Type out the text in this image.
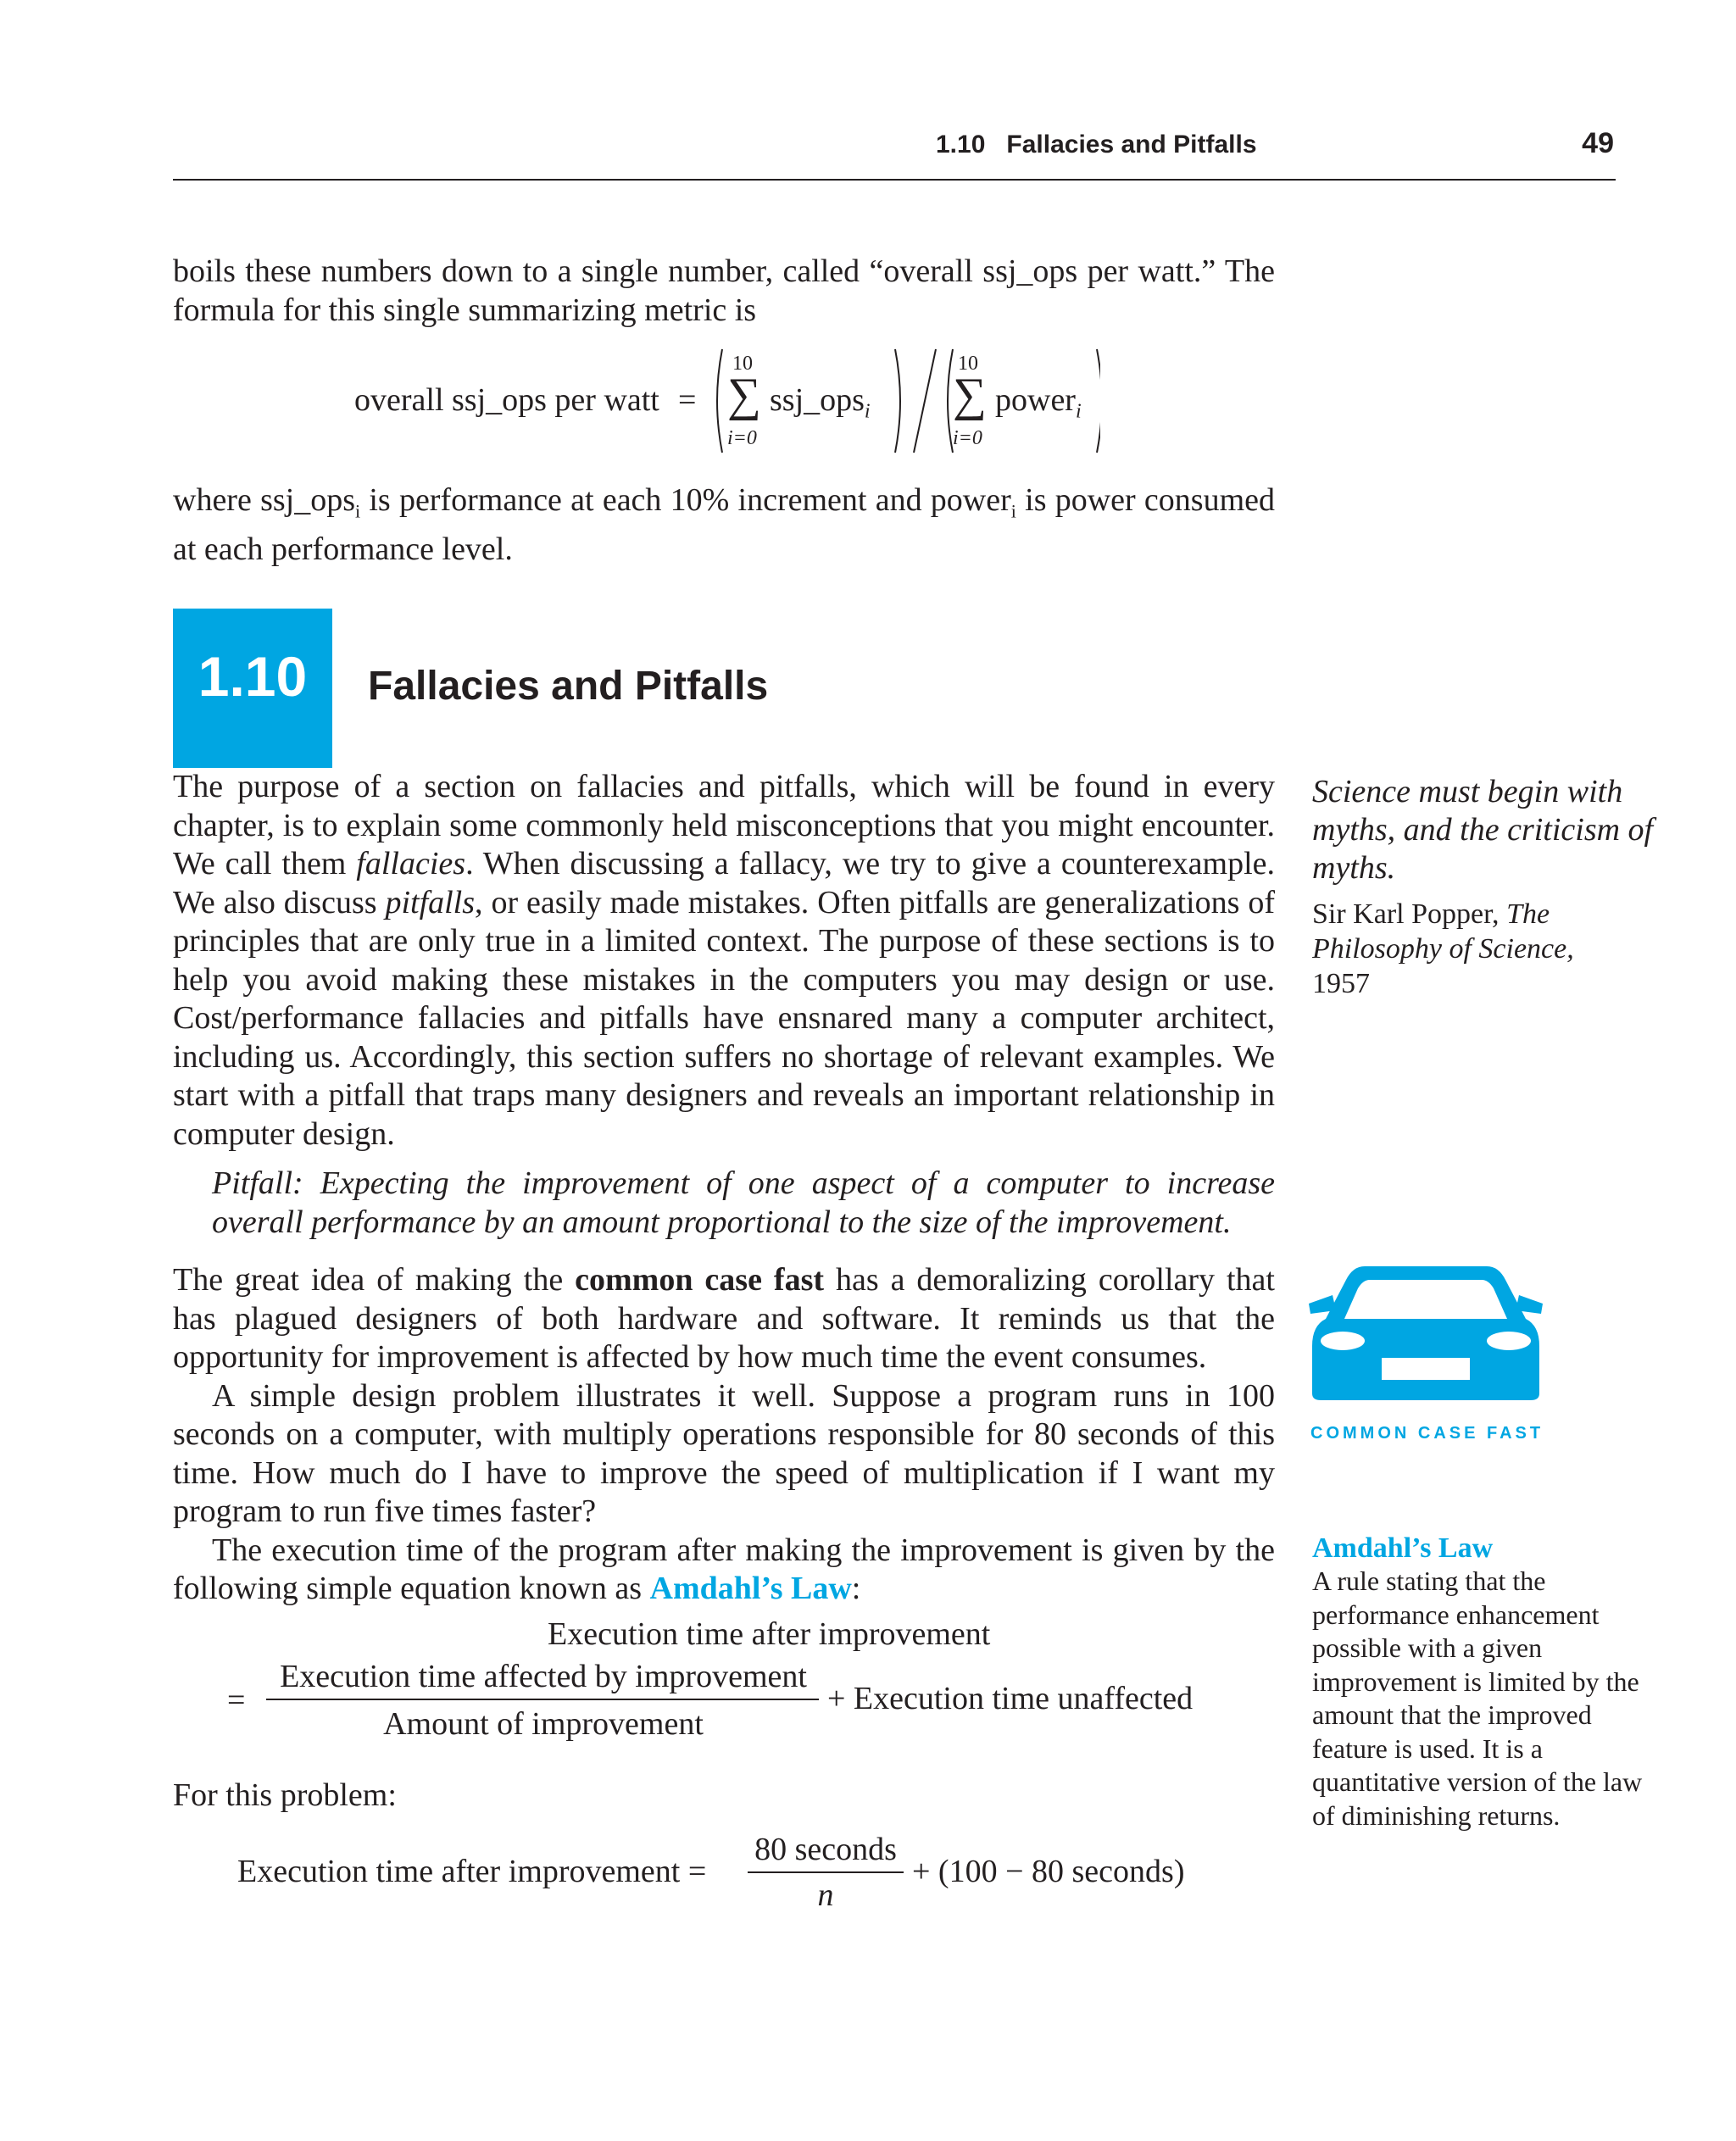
1.10 Fallacies and Pitfalls	49
boils these numbers down to a single number, called “overall ssj_ops per watt.” The formula for this single summarizing metric is
overall ssj_ops per watt =
10
∑
i=0
ssj_ops$_i$
10
∑
i=0
power$_i$
where ssj_ops$_i$ is performance at each 10% increment and power$_i$ is power consumed at each performance level.
1.10	Fallacies and Pitfalls
The purpose of a section on fallacies and pitfalls, which will be found in every chapter, is to explain some commonly held misconceptions that you might encounter. We call them fallacies. When discussing a fallacy, we try to give a counterexample. We also discuss pitfalls, or easily made mistakes. Often pitfalls are generalizations of principles that are only true in a limited context. The purpose of these sections is to help you avoid making these mistakes in the computers you may design or use. Cost/performance fallacies and pitfalls have ensnared many a computer architect, including us. Accordingly, this section suffers no shortage of relevant examples. We start with a pitfall that traps many designers and reveals an important relationship in computer design.
Pitfall: Expecting the improvement of one aspect of a computer to increase overall performance by an amount proportional to the size of the improvement.
The great idea of making the common case fast has a demoralizing corollary that has plagued designers of both hardware and software. It reminds us that the opportunity for improvement is affected by how much time the event consumes.
A simple design problem illustrates it well. Suppose a program runs in 100 seconds on a computer, with multiply operations responsible for 80 seconds of this time. How much do I have to improve the speed of multiplication if I want my program to run five times faster?
The execution time of the program after making the improvement is given by the following simple equation known as Amdahl’s Law:
Execution time after improvement
=
Execution time affected by improvement
Amount of improvement
+ Execution time unaffected
For this problem:
Execution time after improvement =
80 seconds
n
+ (100 − 80 seconds)
Science must begin with myths, and the criticism of myths.
Sir Karl Popper, The Philosophy of Science,
1957
COMMON CASE FAST
Amdahl’s Law
A rule stating that the performance enhancement possible with a given improvement is limited by the amount that the improved feature is used. It is a quantitative version of the law of diminishing returns.
